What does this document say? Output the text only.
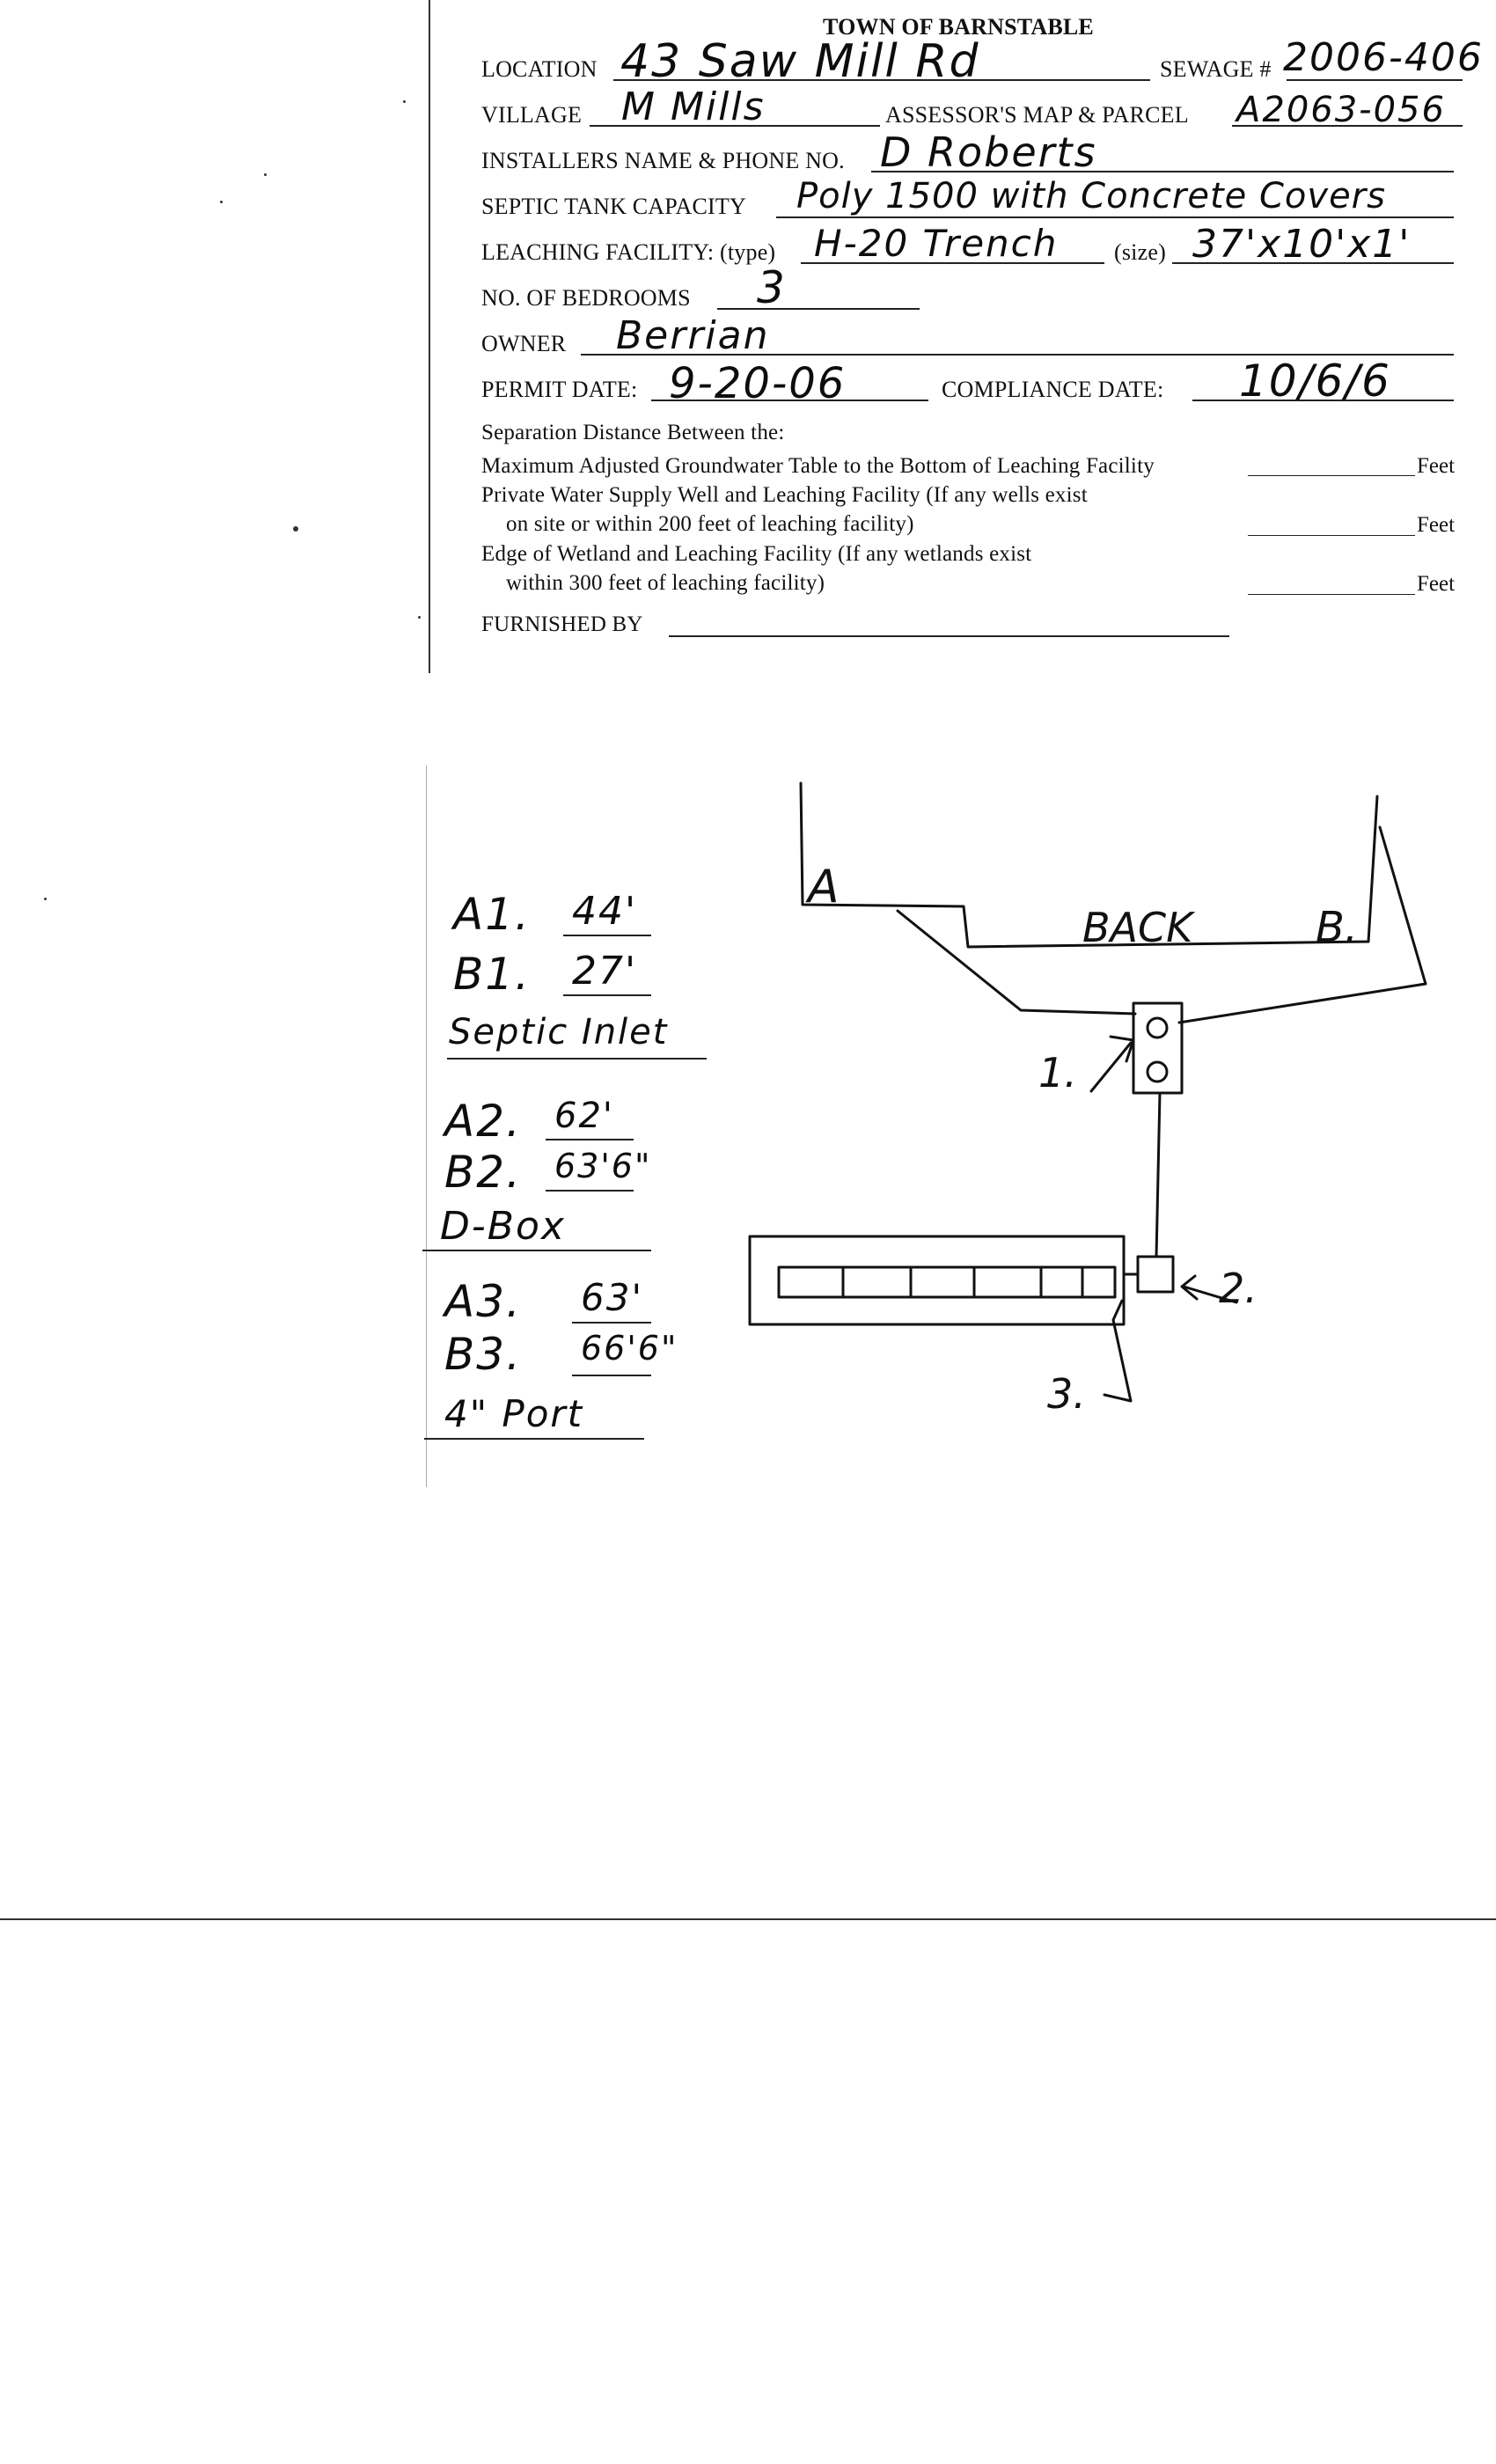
TOWN OF BARNSTABLE
LOCATION 43 Saw Mill Rd	SEWAGE # 2006-406
VILLAGE M Mills	ASSESSOR'S MAP & PARCEL A2063-056
INSTALLERS NAME & PHONE NO. D Roberts
SEPTIC TANK CAPACITY Poly 1500 with Concrete Covers
LEACHING FACILITY: (type) H-20 Trench (size) 37'x10'x1'
NO. OF BEDROOMS 3
OWNER Berrian
PERMIT DATE: 9-20-06	COMPLIANCE DATE: 10/6/6
Separation Distance Between the:
Maximum Adjusted Groundwater Table to the Bottom of Leaching Facility	Feet
Private Water Supply Well and Leaching Facility (If any wells exist
on site or within 200 feet of leaching facility)	Feet
Edge of Wetland and Leaching Facility (If any wetlands exist
within 300 feet of leaching facility)	Feet
FURNISHED BY
A1. 44'
B1. 27'
Septic Inlet
A2. 62'
B2. 63'6"
D-Box
A3. 63'
B3. 66'6"
4" Port
A
B.
BACK
1.
2.
3.
